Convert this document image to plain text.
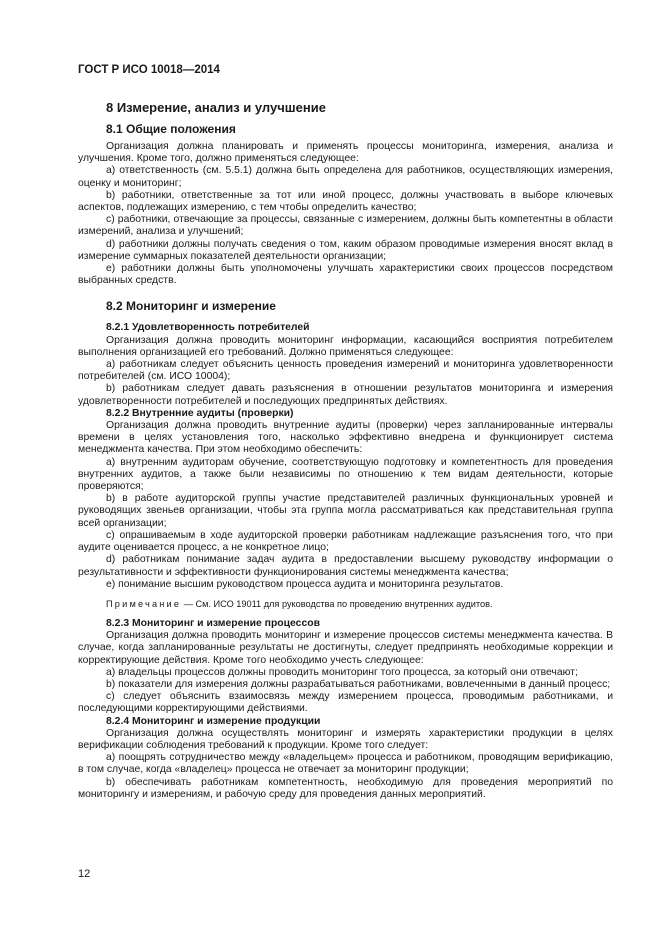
ГОСТ Р ИСО 10018—2014
8 Измерение, анализ и улучшение
8.1 Общие положения

Организация должна планировать и применять процессы мониторинга, измерения, анализа и улучшения. Кроме того, должно применяться следующее:

a) ответственность (см. 5.5.1) должна быть определена для работников, осуществляющих измерения, оценку и мониторинг;

b) работники, ответственные за тот или иной процесс, должны участвовать в выборе ключевых аспектов, подлежащих измерению, с тем чтобы определить качество;

c) работники, отвечающие за процессы, связанные с измерением, должны быть компетентны в области измерений, анализа и улучшений;

d) работники должны получать сведения о том, каким образом проводимые измерения вносят вклад в измерение суммарных показателей деятельности организации;

e) работники должны быть уполномочены улучшать характеристики своих процессов посредством выбранных средств.

8.2 Мониторинг и измерение
8.2.1 Удовлетворенность потребителей

Организация должна проводить мониторинг информации, касающийся восприятия потребителем выполнения организацией его требований. Должно применяться следующее:

a) работникам следует объяснить ценность проведения измерений и мониторинга удовлетворенности потребителей (см. ИСО 10004);

b) работникам следует давать разъяснения в отношении результатов мониторинга и измерения удовлетворенности потребителей и последующих предпринятых действиях.

8.2.2 Внутренние аудиты (проверки)

Организация должна проводить внутренние аудиты (проверки) через запланированные интервалы времени в целях установления того, насколько эффективно внедрена и функционирует система менеджмента качества. При этом необходимо обеспечить:

a) внутренним аудиторам обучение, соответствующую подготовку и компетентность для проведения внутренних аудитов, а также были независимы по отношению к тем видам деятельности, которые проверяются;

b) в работе аудиторской группы участие представителей различных функциональных уровней и руководящих звеньев организации, чтобы эта группа могла рассматриваться как представительная группа всей организации;

c) опрашиваемым в ходе аудиторской проверки работникам надлежащие разъяснения того, что при аудите оценивается процесс, а не конкретное лицо;

d) работникам понимание задач аудита в предоставлении высшему руководству информации о результативности и эффективности функционирования системы менеджмента качества;

e) понимание высшим руководством процесса аудита и мониторинга результатов.

Примечание — См. ИСО 19011 для руководства по проведению внутренних аудитов.
8.2.3 Мониторинг и измерение процессов

Организация должна проводить мониторинг и измерение процессов системы менеджмента качества. В случае, когда запланированные результаты не достигнуты, следует предпринять необходимые коррекции и корректирующие действия. Кроме того необходимо учесть следующее:

a) владельцы процессов должны проводить мониторинг того процесса, за который они отвечают;

b) показатели для измерения должны разрабатываться работниками, вовлеченными в данный процесс;

c) следует объяснить взаимосвязь между измерением процесса, проводимым работниками, и последующими корректирующими действиями.

8.2.4 Мониторинг и измерение продукции

Организация должна осуществлять мониторинг и измерять характеристики продукции в целях верификации соблюдения требований к продукции. Кроме того следует:

a) поощрять сотрудничество между «владельцем» процесса и работником, проводящим верификацию, в том случае, когда «владелец» процесса не отвечает за мониторинг продукции;

b) обеспечивать работникам компетентность, необходимую для проведения мероприятий по мониторингу и измерениям, и рабочую среду для проведения данных мероприятий.

12
